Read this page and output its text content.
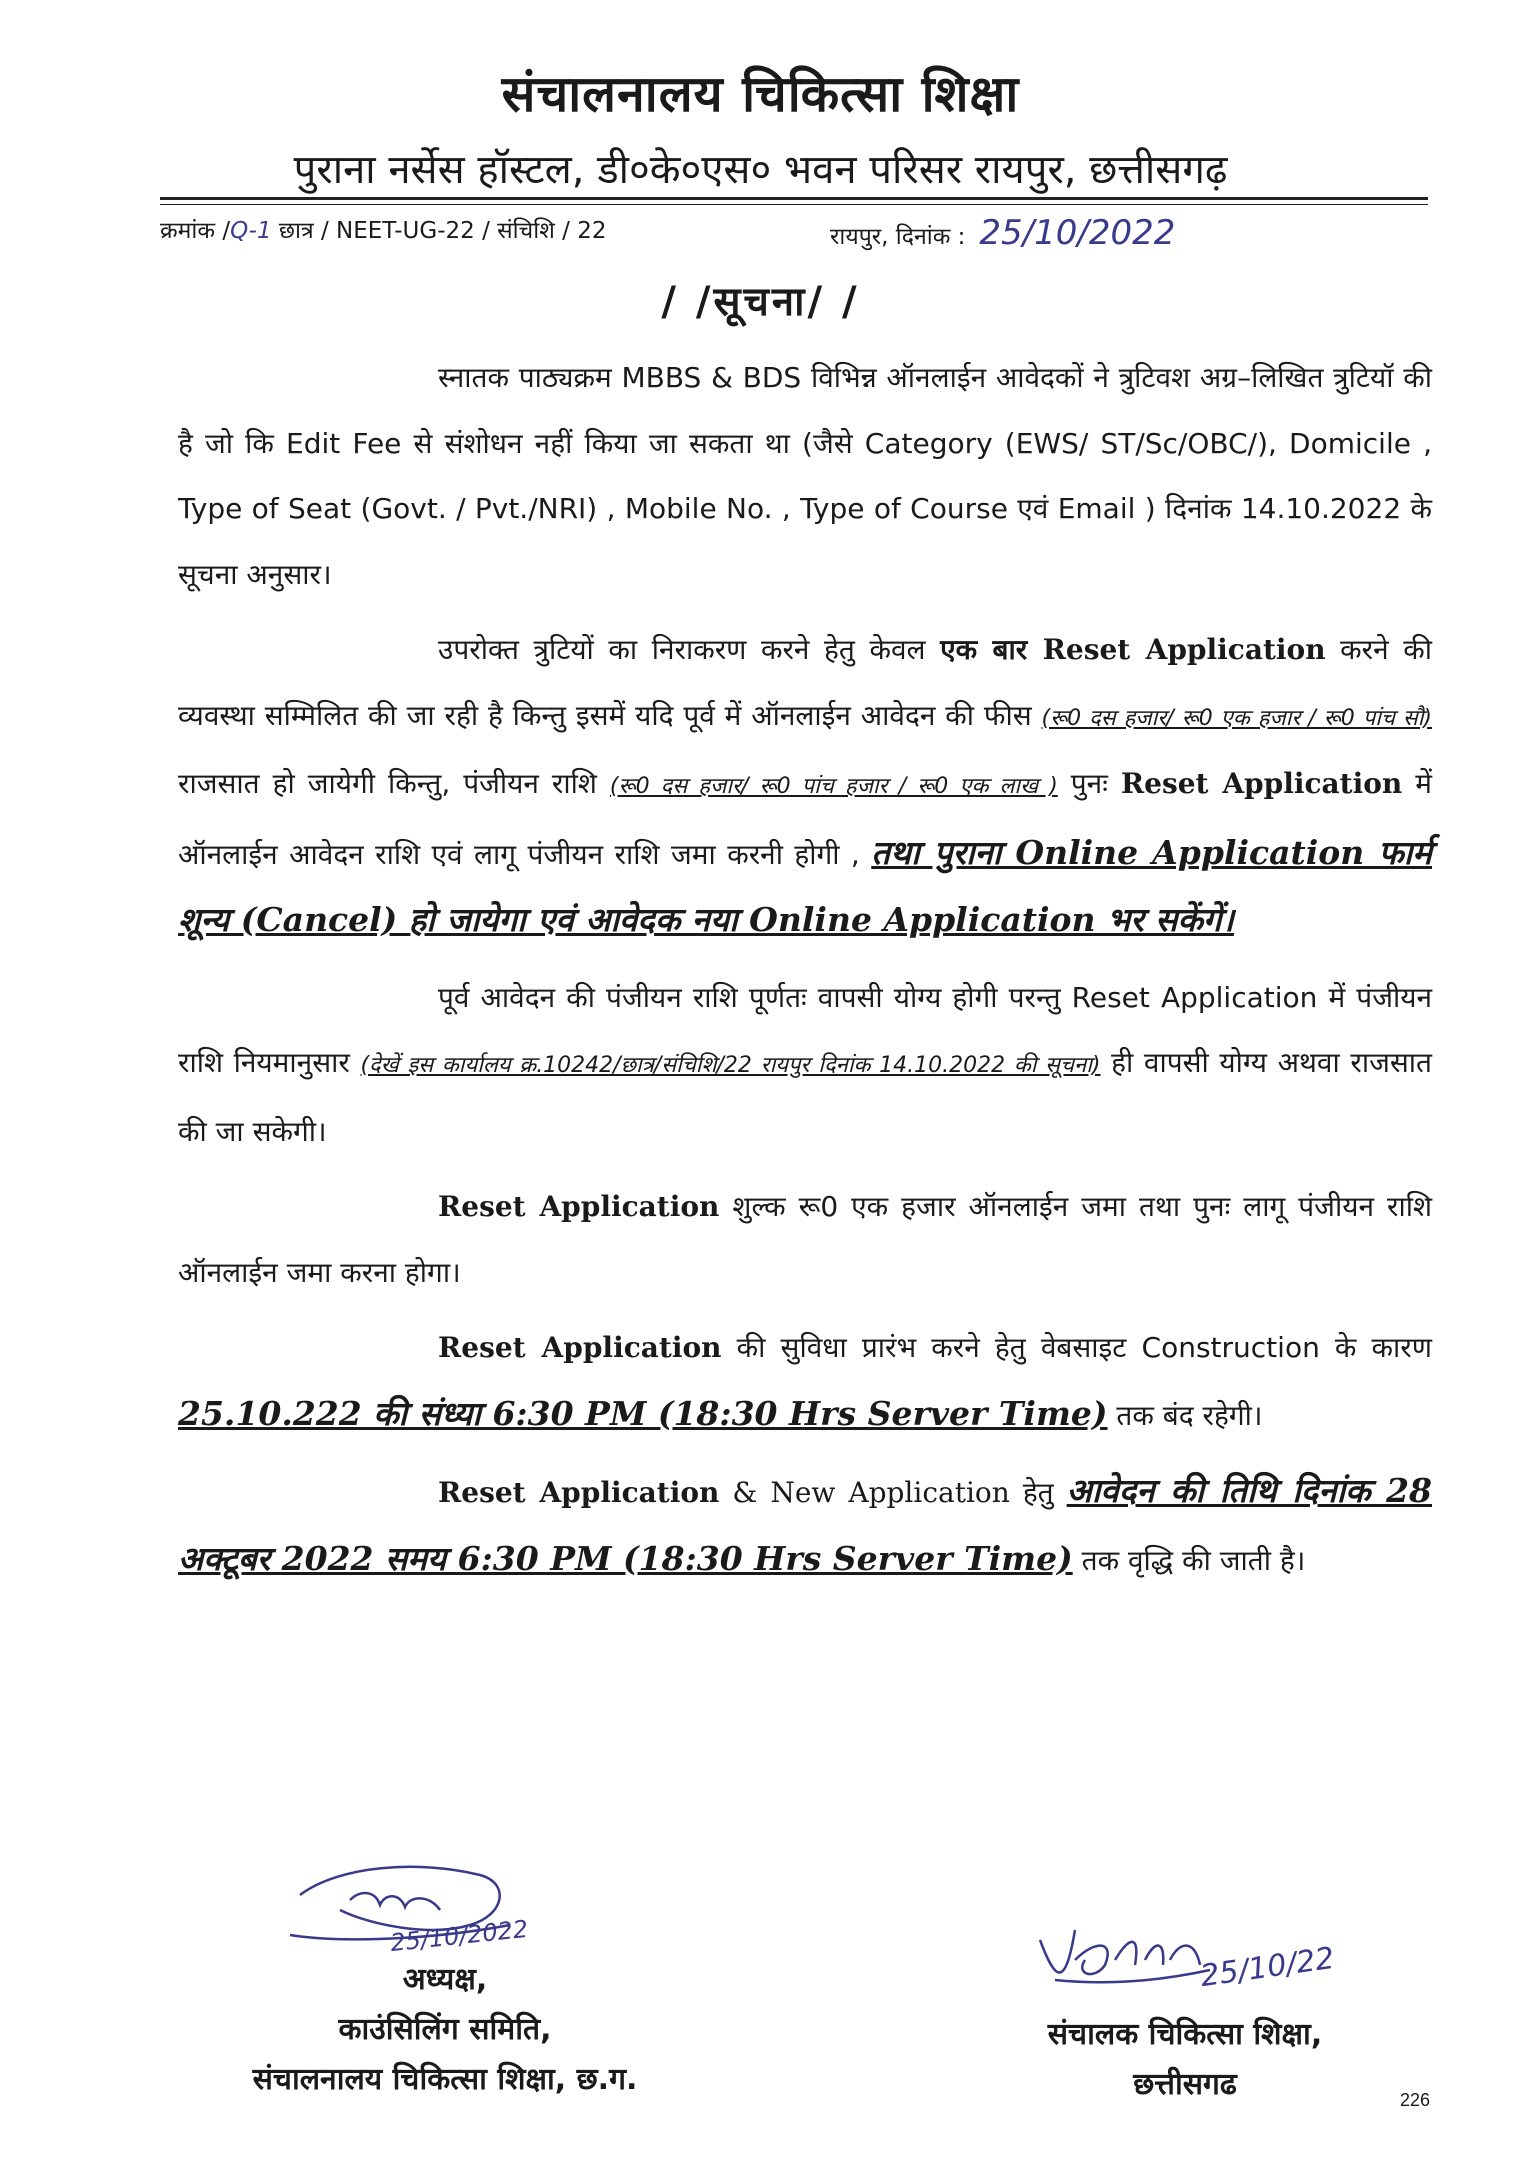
संचालनालय चिकित्सा शिक्षा
पुराना नर्सेस हॉस्टल, डी०के०एस० भवन परिसर रायपुर, छत्तीसगढ़
क्रमांक /Q-1 छात्र / NEET-UG-22 / संचिशि / 22	रायपुर, दिनांक : 25/10/2022
/ /सूचना/ /

स्नातक पाठ्यक्रम MBBS & BDS विभिन्न ऑनलाईन आवेदकों ने त्रुटिवश अग्र–लिखित त्रुटियॉ की है जो कि Edit Fee से संशोधन नहीं किया जा सकता था (जैसे Category (EWS/ ST/Sc/OBC/), Domicile , Type of Seat (Govt. / Pvt./NRI) , Mobile No. , Type of Course एवं Email ) दिनांक 14.10.2022 के सूचना अनुसार।

उपरोक्त त्रुटियों का निराकरण करने हेतु केवल एक बार Reset Application करने की व्यवस्था सम्मिलित की जा रही है किन्तु इसमें यदि पूर्व में ऑनलाईन आवेदन की फीस (रू0 दस हजार/ रू0 एक हजार / रू0 पांच सौ) राजसात हो जायेगी किन्तु, पंजीयन राशि (रू0 दस हजार/ रू0 पांच हजार / रू0 एक लाख ) पुनः Reset Application में ऑनलाईन आवेदन राशि एवं लागू पंजीयन राशि जमा करनी होगी , तथा पुराना Online Application फार्म शून्य (Cancel) हो जायेगा एवं आवेदक नया Online Application भर सकेंगें।

पूर्व आवेदन की पंजीयन राशि पूर्णतः वापसी योग्य होगी परन्तु Reset Application में पंजीयन राशि नियमानुसार (देखें इस कार्यालय क्र.10242/छात्र/संचिशि/22 रायपुर दिनांक 14.10.2022 की सूचना) ही वापसी योग्य अथवा राजसात की जा सकेगी।

Reset Application शुल्क रू0 एक हजार ऑनलाईन जमा तथा पुनः लागू पंजीयन राशि ऑनलाईन जमा करना होगा।

Reset Application की सुविधा प्रारंभ करने हेतु वेबसाइट Construction के कारण 25.10.222 की संध्या 6:30 PM (18:30 Hrs Server Time) तक बंद रहेगी।

Reset Application & New Application हेतु आवेदन की तिथि दिनांक 28 अक्टूबर 2022 समय 6:30 PM (18:30 Hrs Server Time) तक वृद्धि की जाती है।

25/10/2022
अध्यक्ष,
काउंसिलिंग समिति,
संचालनालय चिकित्सा शिक्षा, छ.ग.
25/10/22
संचालक चिकित्सा शिक्षा,
छत्तीसगढ	226
